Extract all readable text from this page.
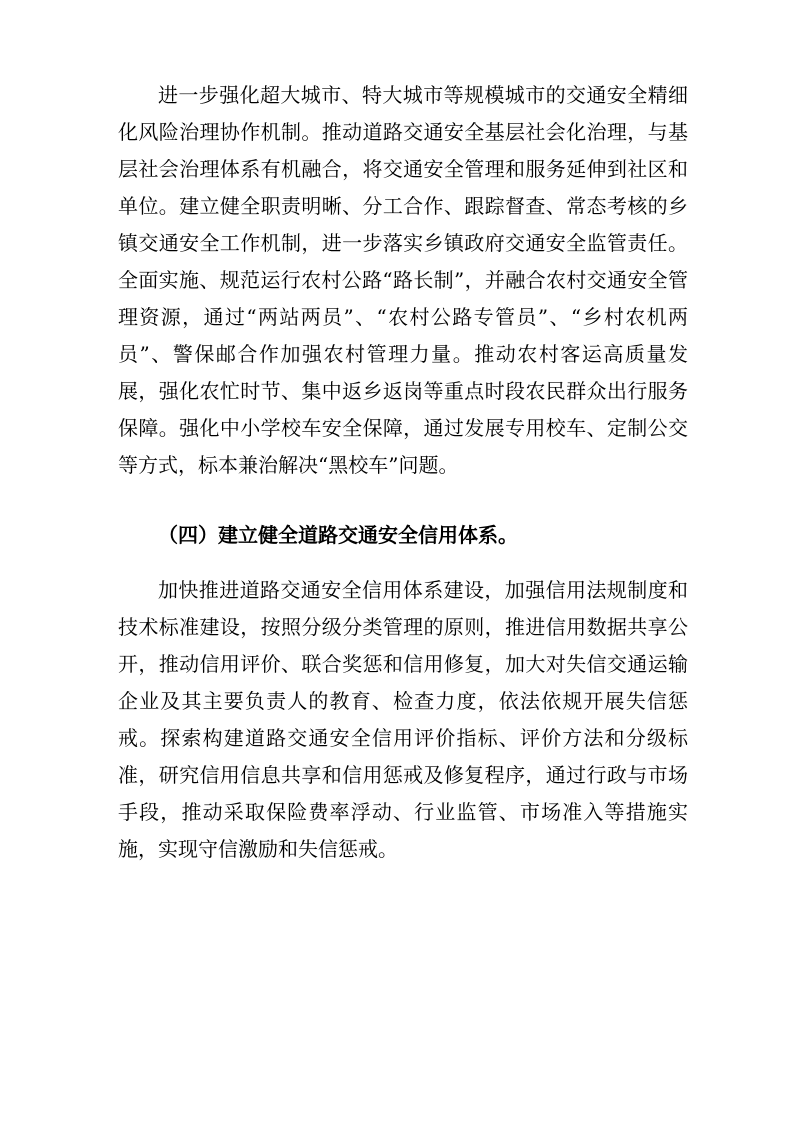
进一步强化超大城市、特大城市等规模城市的交通安全精细化风险治理协作机制。推动道路交通安全基层社会化治理，与基层社会治理体系有机融合，将交通安全管理和服务延伸到社区和单位。建立健全职责明晰、分工合作、跟踪督查、常态考核的乡镇交通安全工作机制，进一步落实乡镇政府交通安全监管责任。全面实施、规范运行农村公路“路长制”，并融合农村交通安全管理资源，通过“两站两员”、“农村公路专管员”、“乡村农机两员”、警保邮合作加强农村管理力量。推动农村客运高质量发展，强化农忙时节、集中返乡返岗等重点时段农民群众出行服务保障。强化中小学校车安全保障，通过发展专用校车、定制公交等方式，标本兼治解决“黑校车”问题。

（四）建立健全道路交通安全信用体系。

加快推进道路交通安全信用体系建设，加强信用法规制度和技术标准建设，按照分级分类管理的原则，推进信用数据共享公开，推动信用评价、联合奖惩和信用修复，加大对失信交通运输企业及其主要负责人的教育、检查力度，依法依规开展失信惩戒。探索构建道路交通安全信用评价指标、评价方法和分级标准，研究信用信息共享和信用惩戒及修复程序，通过行政与市场手段，推动采取保险费率浮动、行业监管、市场准入等措施实施，实现守信激励和失信惩戒。
